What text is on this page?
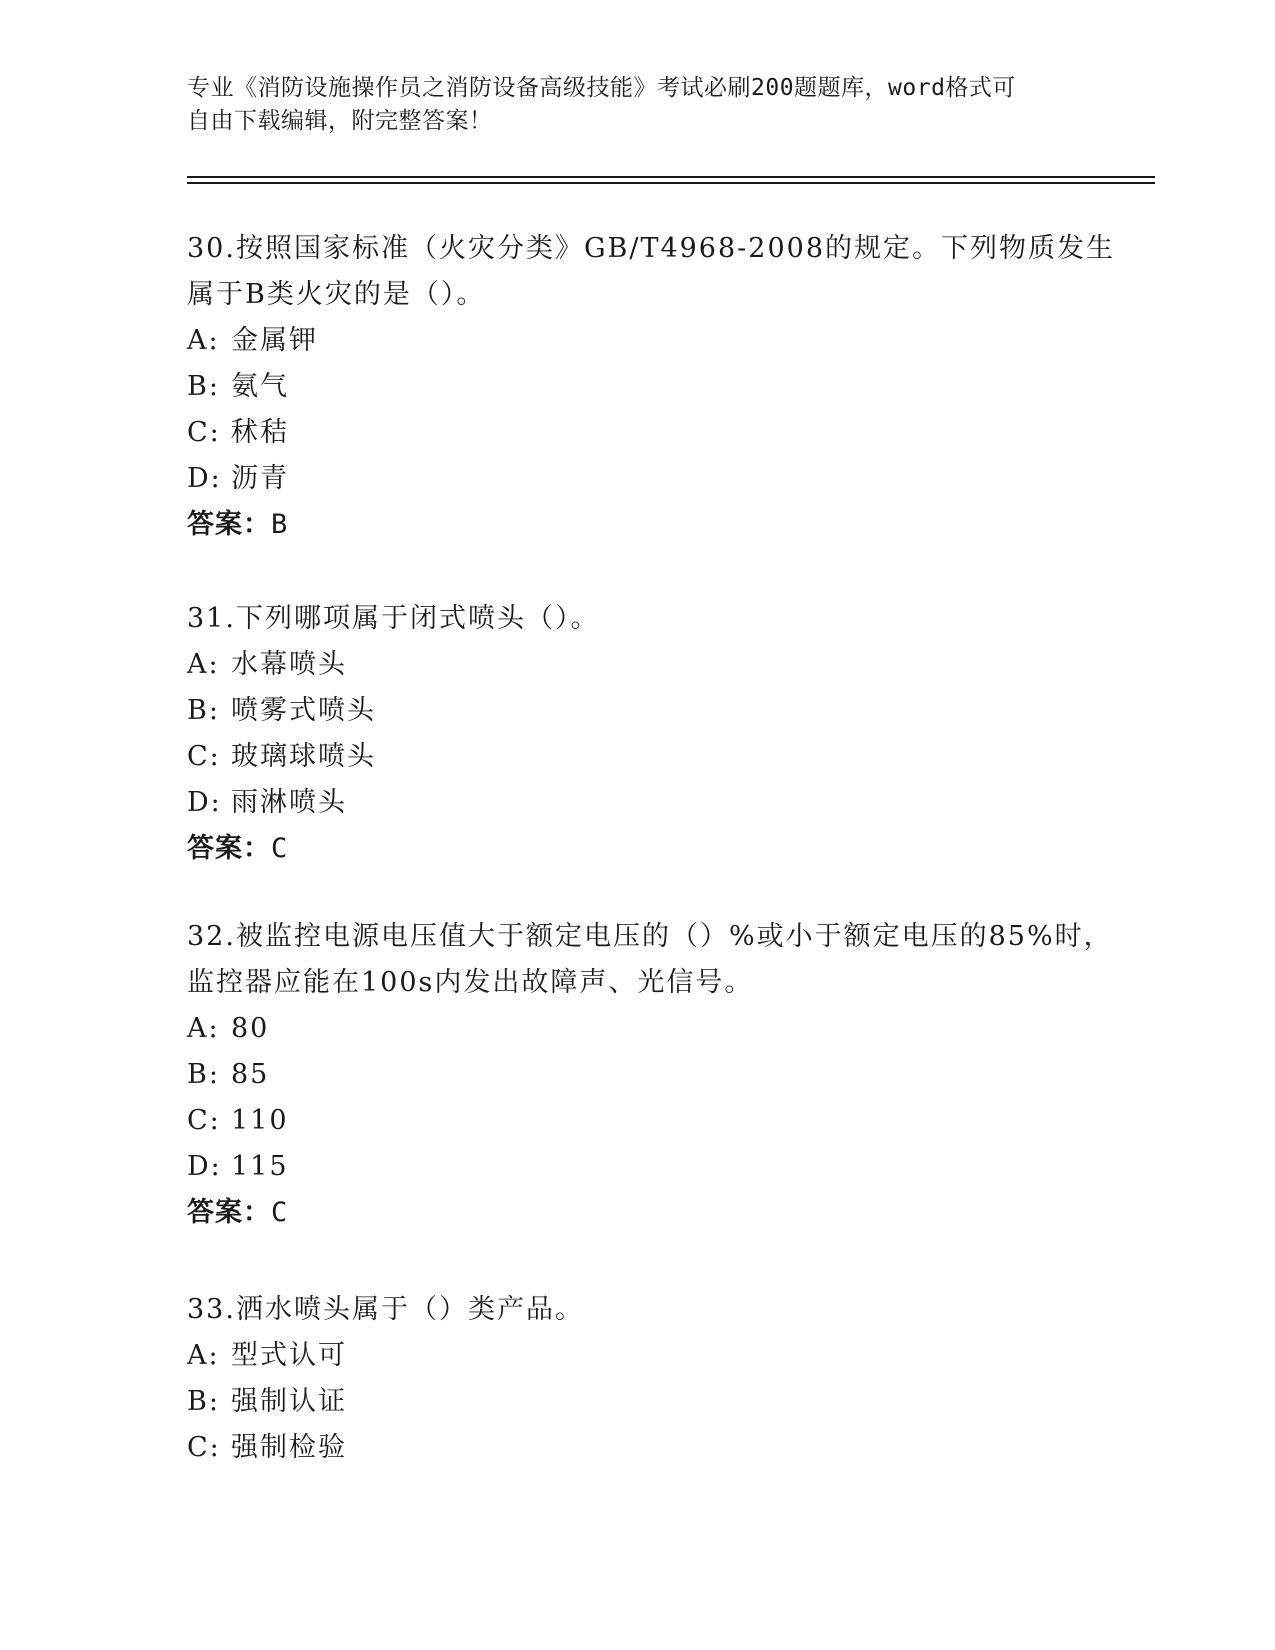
专业《消防设施操作员之消防设备高级技能》考试必刷200题题库，word格式可
自由下载编辑，附完整答案！
30.按照国家标准（火灾分类》GB/T4968-2008的规定。下列物质发生
属于B类火灾的是（）。
A: 金属钾
B: 氨气
C: 秫秸
D: 沥青
答案：B
31.下列哪项属于闭式喷头（）。
A: 水幕喷头
B: 喷雾式喷头
C: 玻璃球喷头
D: 雨淋喷头
答案：C
32.被监控电源电压值大于额定电压的（）%或小于额定电压的85%时，
监控器应能在100s内发出故障声、光信号。
A: 80
B: 85
C: 110
D: 115
答案：C
33.洒水喷头属于（）类产品。
A: 型式认可
B: 强制认证
C: 强制检验
